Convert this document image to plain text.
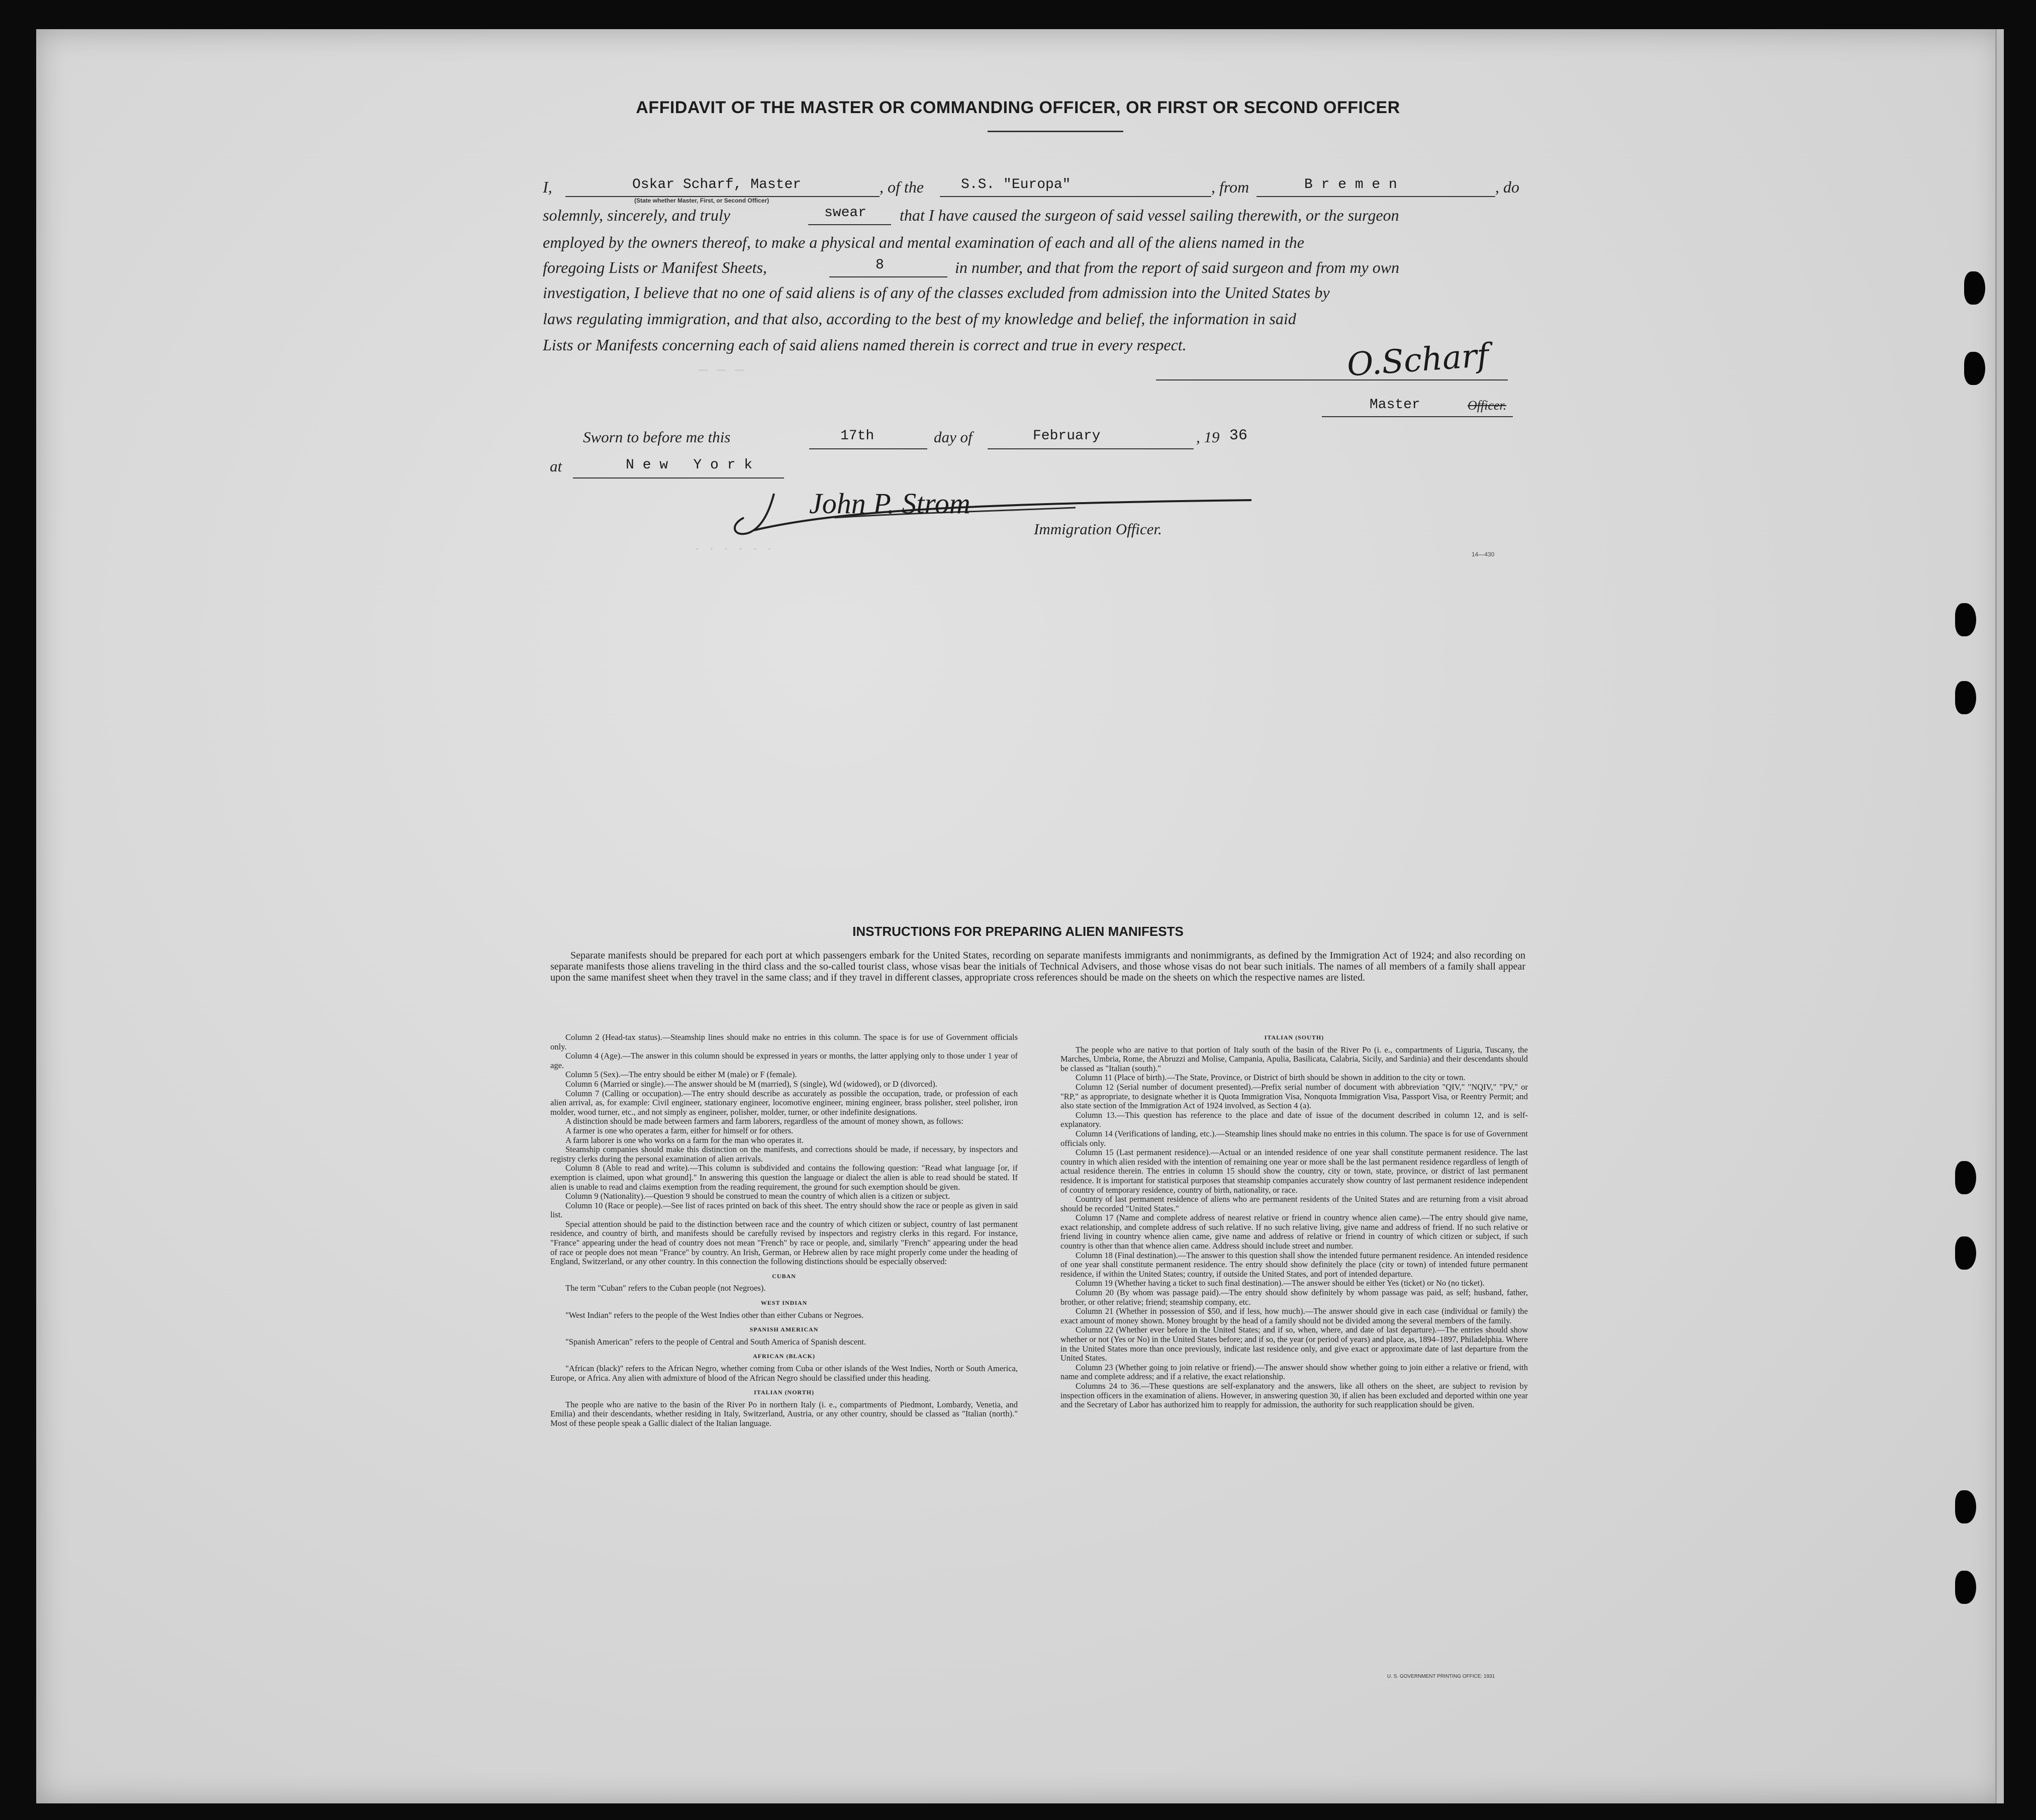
AFFIDAVIT OF THE MASTER OR COMMANDING OFFICER, OR FIRST OR SECOND OFFICER
I,	Oskar Scharf, Master
(State whether Master, First, or Second Officer)
, of the	S.S. "Europa"	, from	B r e m e n	, do
solemnly, sincerely, and truly	swear that I have caused the surgeon of said vessel sailing therewith, or the surgeon
employed by the owners thereof, to make a physical and mental examination of each and all of the aliens named in the
foregoing Lists or Manifest Sheets,	8	in number, and that from the report of said surgeon and from my own
investigation, I believe that no one of said aliens is of any of the classes excluded from admission into the United States by
laws regulating immigration, and that also, according to the best of my knowledge and belief, the information in said
Lists or Manifests concerning each of said aliens named therein is correct and true in every respect.	O.Scharf
Master	Officer.
— — —
Sworn to before me this	17th	day of	February	, 19 36
at	N e w   Y o r k
John P. Strom
Immigration Officer.
14—430
· · · · · ·
INSTRUCTIONS FOR PREPARING ALIEN MANIFESTS
Separate manifests should be prepared for each port at which passengers embark for the United States, recording on separate manifests immigrants and nonimmigrants, as defined by the Immigration Act of 1924; and also recording on separate manifests those aliens traveling in the third class and the so-called tourist class, whose visas bear the initials of Technical Advisers, and those whose visas do not bear such initials. The names of all members of a family shall appear upon the same manifest sheet when they travel in the same class; and if they travel in different classes, appropriate cross references should be made on the sheets on which the respective names are listed.

Column 2 (Head-tax status).—Steamship lines should make no entries in this column. The space is for use of Government officials only.

Column 4 (Age).—The answer in this column should be expressed in years or months, the latter applying only to those under 1 year of age.

Column 5 (Sex).—The entry should be either M (male) or F (female).

Column 6 (Married or single).—The answer should be M (married), S (single), Wd (widowed), or D (divorced).

Column 7 (Calling or occupation).—The entry should describe as accurately as possible the occupation, trade, or profession of each alien arrival, as, for example: Civil engineer, stationary engineer, locomotive engineer, mining engineer, brass polisher, steel polisher, iron molder, wood turner, etc., and not simply as engineer, polisher, molder, turner, or other indefinite designations.

A distinction should be made between farmers and farm laborers, regardless of the amount of money shown, as follows:

A farmer is one who operates a farm, either for himself or for others.

A farm laborer is one who works on a farm for the man who operates it.

Steamship companies should make this distinction on the manifests, and corrections should be made, if necessary, by inspectors and registry clerks during the personal examination of alien arrivals.

Column 8 (Able to read and write).—This column is subdivided and contains the following question: "Read what language [or, if exemption is claimed, upon what ground]." In answering this question the language or dialect the alien is able to read should be stated. If alien is unable to read and claims exemption from the reading requirement, the ground for such exemption should be given.

Column 9 (Nationality).—Question 9 should be construed to mean the country of which alien is a citizen or subject.

Column 10 (Race or people).—See list of races printed on back of this sheet. The entry should show the race or people as given in said list.

Special attention should be paid to the distinction between race and the country of which citizen or subject, country of last permanent residence, and country of birth, and manifests should be carefully revised by inspectors and registry clerks in this regard. For instance, "France" appearing under the head of country does not mean "French" by race or people, and, similarly "French" appearing under the head of race or people does not mean "France" by country. An Irish, German, or Hebrew alien by race might properly come under the heading of England, Switzerland, or any other country. In this connection the following distinctions should be especially observed:

CUBAN

The term "Cuban" refers to the Cuban people (not Negroes).

WEST INDIAN

"West Indian" refers to the people of the West Indies other than either Cubans or Negroes.

SPANISH AMERICAN

"Spanish American" refers to the people of Central and South America of Spanish descent.

AFRICAN (BLACK)

"African (black)" refers to the African Negro, whether coming from Cuba or other islands of the West Indies, North or South America, Europe, or Africa. Any alien with admixture of blood of the African Negro should be classified under this heading.

ITALIAN (NORTH)

The people who are native to the basin of the River Po in northern Italy (i. e., compartments of Piedmont, Lombardy, Venetia, and Emilia) and their descendants, whether residing in Italy, Switzerland, Austria, or any other country, should be classed as "Italian (north)." Most of these people speak a Gallic dialect of the Italian language.

ITALIAN (SOUTH)

The people who are native to that portion of Italy south of the basin of the River Po (i. e., compartments of Liguria, Tuscany, the Marches, Umbria, Rome, the Abruzzi and Molise, Campania, Apulia, Basilicata, Calabria, Sicily, and Sardinia) and their descendants should be classed as "Italian (south)."

Column 11 (Place of birth).—The State, Province, or District of birth should be shown in addition to the city or town.

Column 12 (Serial number of document presented).—Prefix serial number of document with abbreviation "QIV," "NQIV," "PV," or "RP," as appropriate, to designate whether it is Quota Immigration Visa, Nonquota Immigration Visa, Passport Visa, or Reentry Permit; and also state section of the Immigration Act of 1924 involved, as Section 4 (a).

Column 13.—This question has reference to the place and date of issue of the document described in column 12, and is self-explanatory.

Column 14 (Verifications of landing, etc.).—Steamship lines should make no entries in this column. The space is for use of Government officials only.

Column 15 (Last permanent residence).—Actual or an intended residence of one year shall constitute permanent residence. The last country in which alien resided with the intention of remaining one year or more shall be the last permanent residence regardless of length of actual residence therein. The entries in column 15 should show the country, city or town, state, province, or district of last permanent residence. It is important for statistical purposes that steamship companies accurately show country of last permanent residence independent of country of temporary residence, country of birth, nationality, or race.

Country of last permanent residence of aliens who are permanent residents of the United States and are returning from a visit abroad should be recorded "United States."

Column 17 (Name and complete address of nearest relative or friend in country whence alien came).—The entry should give name, exact relationship, and complete address of such relative. If no such relative living, give name and address of friend. If no such relative or friend living in country whence alien came, give name and address of relative or friend in country of which citizen or subject, if such country is other than that whence alien came. Address should include street and number.

Column 18 (Final destination).—The answer to this question shall show the intended future permanent residence. An intended residence of one year shall constitute permanent residence. The entry should show definitely the place (city or town) of intended future permanent residence, if within the United States; country, if outside the United States, and port of intended departure.

Column 19 (Whether having a ticket to such final destination).—The answer should be either Yes (ticket) or No (no ticket).

Column 20 (By whom was passage paid).—The entry should show definitely by whom passage was paid, as self; husband, father, brother, or other relative; friend; steamship company, etc.

Column 21 (Whether in possession of $50, and if less, how much).—The answer should give in each case (individual or family) the exact amount of money shown. Money brought by the head of a family should not be divided among the several members of the family.

Column 22 (Whether ever before in the United States; and if so, when, where, and date of last departure).—The entries should show whether or not (Yes or No) in the United States before; and if so, the year (or period of years) and place, as, 1894–1897, Philadelphia. Where in the United States more than once previously, indicate last residence only, and give exact or approximate date of last departure from the United States.

Column 23 (Whether going to join relative or friend).—The answer should show whether going to join either a relative or friend, with name and complete address; and if a relative, the exact relationship.

Columns 24 to 36.—These questions are self-explanatory and the answers, like all others on the sheet, are subject to revision by inspection officers in the examination of aliens. However, in answering question 30, if alien has been excluded and deported within one year and the Secretary of Labor has authorized him to reapply for admission, the authority for such reapplication should be given.

U. S. GOVERNMENT PRINTING OFFICE: 1931
